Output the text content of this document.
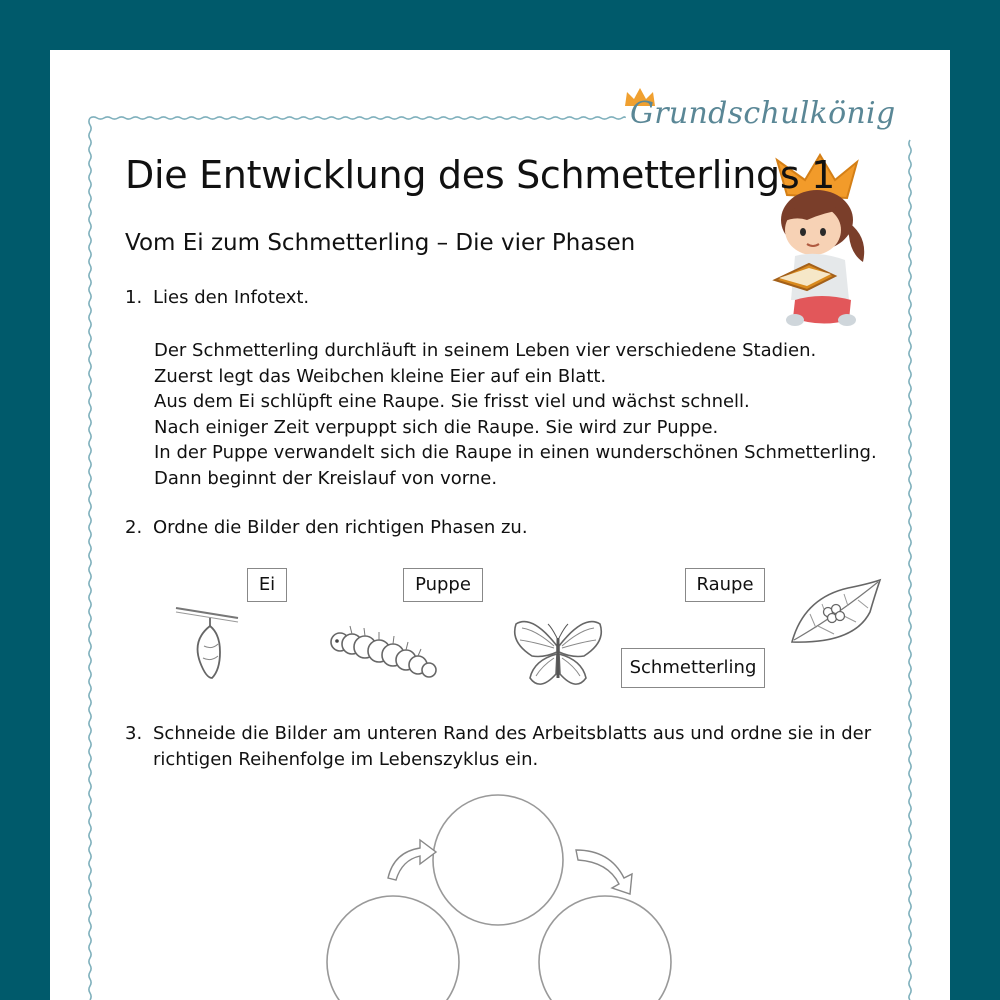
Grundschulkönig
Die Entwicklung des Schmetterlings 1
Vom Ei zum Schmetterling – Die vier Phasen
1. Lies den Infotext.
Der Schmetterling durchläuft in seinem Leben vier verschiedene Stadien.
Zuerst legt das Weibchen kleine Eier auf ein Blatt.
Aus dem Ei schlüpft eine Raupe. Sie frisst viel und wächst schnell.
Nach einiger Zeit verpuppt sich die Raupe. Sie wird zur Puppe.
In der Puppe verwandelt sich die Raupe in einen wunderschönen Schmetterling.
Dann beginnt der Kreislauf von vorne.
2. Ordne die Bilder den richtigen Phasen zu.
Ei	Puppe	Raupe
Schmetterling
3. Schneide die Bilder am unteren Rand des Arbeitsblatts aus und ordne sie in der
richtigen Reihenfolge im Lebenszyklus ein.
